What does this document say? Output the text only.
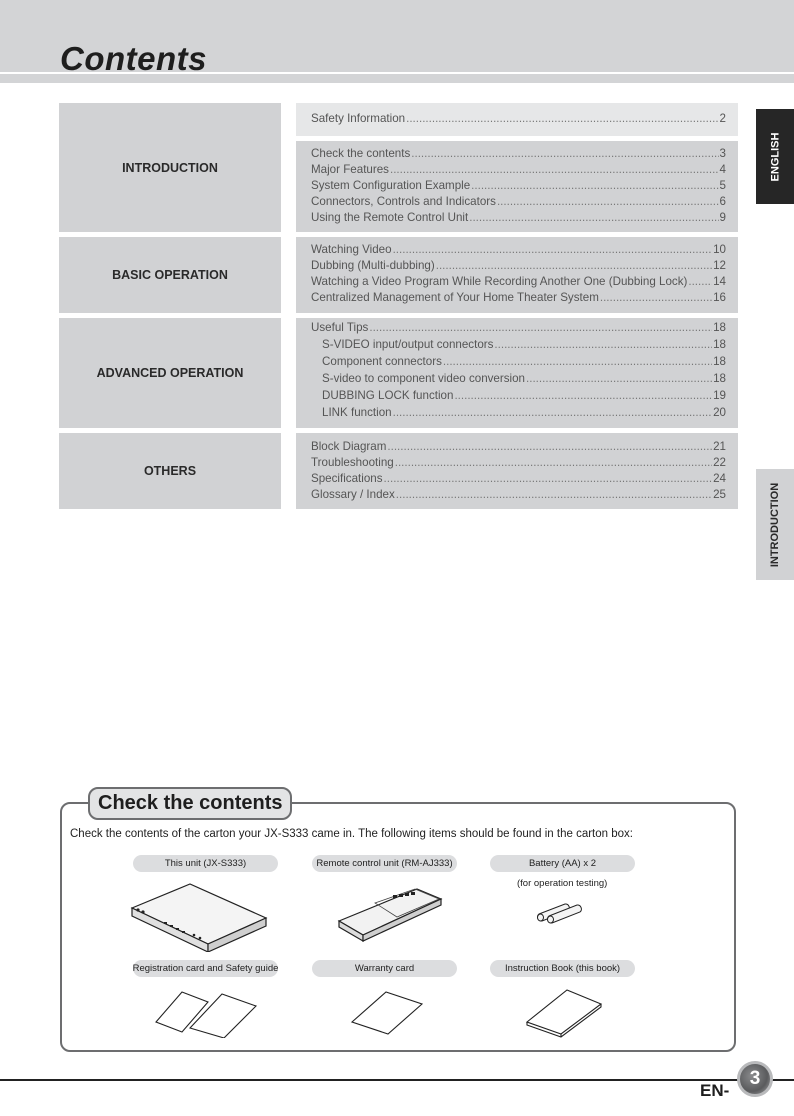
Contents
INTRODUCTION
BASIC OPERATION
ADVANCED OPERATION
OTHERS
Safety Information .....	2
Check the contents .....	3
Major Features .....	4
System Configuration Example .....	5
Connectors, Controls and Indicators .....	6
Using the Remote Control Unit .....	9
Watching Video .....	10
Dubbing (Multi-dubbing) .....	12
Watching a Video Program While Recording Another One (Dubbing Lock) ..... 14
Centralized Management of Your Home Theater System .....	16
Useful Tips .....	18
S-VIDEO input/output connectors .....	18
Component connectors .....	18
S-video to component video conversion .....	18
DUBBING LOCK function .....	19
LINK function .....	20
Block Diagram .....	21
Troubleshooting .....	22
Specifications .....	24
Glossary / Index .....	25
ENGLISH
INTRODUCTION
Check the contents
Check the contents of the carton your JX-S333 came in. The following items should be found in the carton box:
This unit (JX-S333)	Remote control unit (RM-AJ333)	Battery (AA) x 2
(for operation testing)
Registration card and Safety guide	Warranty card	Instruction Book (this book)
EN-
3
